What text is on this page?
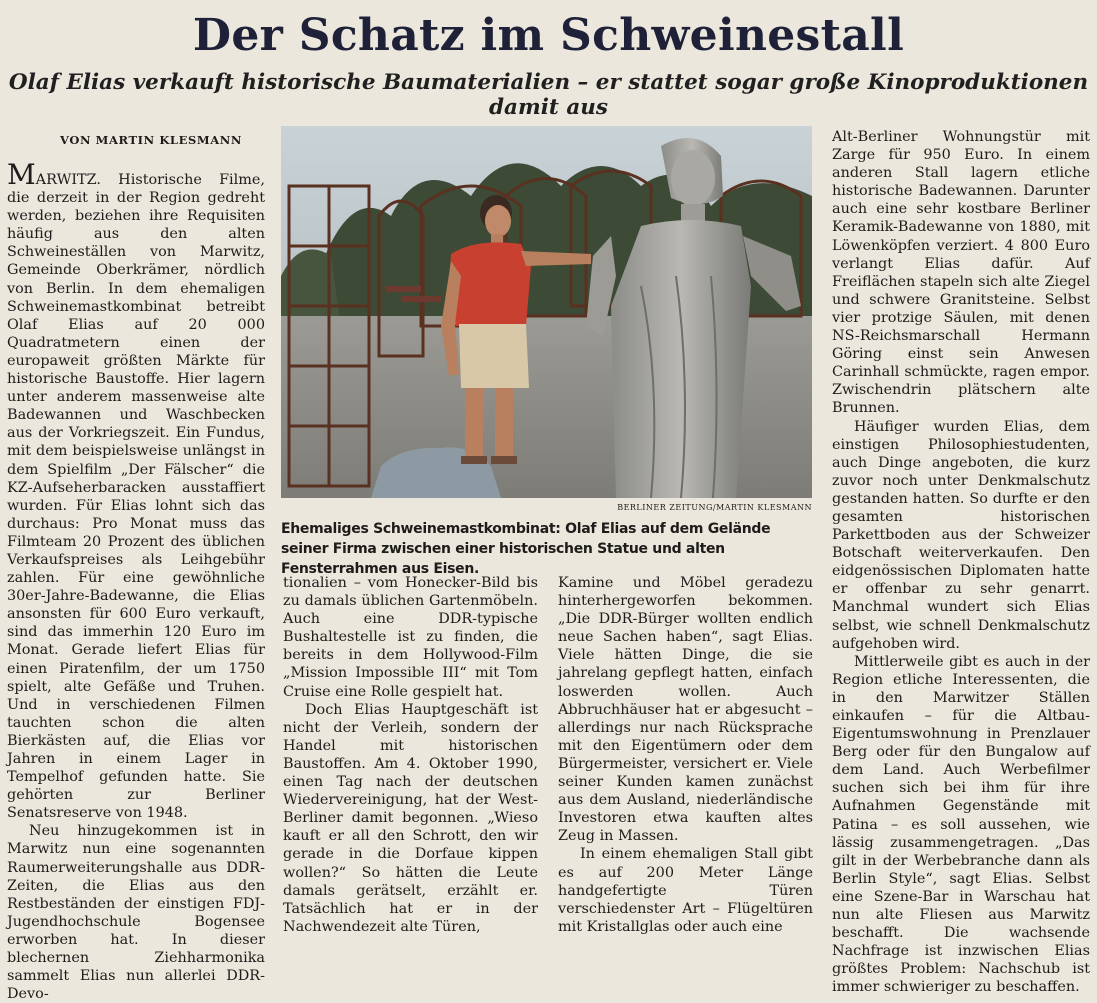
Der Schatz im Schweinestall
Olaf Elias verkauft historische Baumaterialien – er stattet sogar große Kinoproduktionen damit aus
VON MARTIN KLESMANN

MARWITZ. Historische Filme, die derzeit in der Region gedreht werden, beziehen ihre Requisiten häufig aus den alten Schweineställen von Marwitz, Gemeinde Oberkrämer, nördlich von Berlin. In dem ehemaligen Schweinemastkombinat betreibt Olaf Elias auf 20 000 Quadratmetern einen der europaweit größten Märkte für historische Baustoffe. Hier lagern unter anderem massenweise alte Badewannen und Waschbecken aus der Vorkriegszeit. Ein Fundus, mit dem beispielsweise unlängst in dem Spielfilm „Der Fälscher“ die KZ-Aufseherbaracken ausstaffiert wurden. Für Elias lohnt sich das durchaus: Pro Monat muss das Filmteam 20 Prozent des üblichen Verkaufspreises als Leihgebühr zahlen. Für eine gewöhnliche 30er-Jahre-Badewanne, die Elias ansonsten für 600 Euro verkauft, sind das immerhin 120 Euro im Monat. Gerade liefert Elias für einen Piratenfilm, der um 1750 spielt, alte Gefäße und Truhen. Und in verschiedenen Filmen tauchten schon die alten Bierkästen auf, die Elias vor Jahren in einem Lager in Tempelhof gefunden hatte. Sie gehörten zur Berliner Senatsreserve von 1948.

Neu hinzugekommen ist in Marwitz nun eine sogenannten Raumerweiterungshalle aus DDR-Zeiten, die Elias aus den Restbeständen der einstigen FDJ-Jugendhochschule Bogensee erworben hat. In dieser blechernen Ziehharmonika sammelt Elias nun allerlei DDR-Devo-

BERLINER ZEITUNG/MARTIN KLESMANN
Ehemaliges Schweinemastkombinat: Olaf Elias auf dem Gelände seiner Firma zwischen einer historischen Statue und alten Fensterrahmen aus Eisen.

tionalien – vom Honecker-Bild bis zu damals üblichen Gartenmöbeln. Auch eine DDR-typische Bushaltestelle ist zu finden, die bereits in dem Hollywood-Film „Mission Impossible III“ mit Tom Cruise eine Rolle gespielt hat.

Doch Elias Hauptgeschäft ist nicht der Verleih, sondern der Handel mit historischen Baustoffen. Am 4. Oktober 1990, einen Tag nach der deutschen Wiedervereinigung, hat der West-Berliner damit begonnen. „Wieso kauft er all den Schrott, den wir gerade in die Dorfaue kippen wollen?“ So hätten die Leute damals gerätselt, erzählt er. Tatsächlich hat er in der Nachwendezeit alte Türen,

Kamine und Möbel geradezu hinterhergeworfen bekommen. „Die DDR-Bürger wollten endlich neue Sachen haben“, sagt Elias. Viele hätten Dinge, die sie jahrelang gepflegt hatten, einfach loswerden wollen. Auch Abbruchhäuser hat er abgesucht – allerdings nur nach Rücksprache mit den Eigentümern oder dem Bürgermeister, versichert er. Viele seiner Kunden kamen zunächst aus dem Ausland, niederländische Investoren etwa kauften altes Zeug in Massen.

In einem ehemaligen Stall gibt es auf 200 Meter Länge handgefertigte Türen verschiedenster Art – Flügeltüren mit Kristallglas oder auch eine

Alt-Berliner Wohnungstür mit Zarge für 950 Euro. In einem anderen Stall lagern etliche historische Badewannen. Darunter auch eine sehr kostbare Berliner Keramik-Badewanne von 1880, mit Löwenköpfen verziert. 4 800 Euro verlangt Elias dafür. Auf Freiflächen stapeln sich alte Ziegel und schwere Granitsteine. Selbst vier protzige Säulen, mit denen NS-Reichsmarschall Hermann Göring einst sein Anwesen Carinhall schmückte, ragen empor. Zwischendrin plätschern alte Brunnen.

Häufiger wurden Elias, dem einstigen Philosophiestudenten, auch Dinge angeboten, die kurz zuvor noch unter Denkmalschutz gestanden hatten. So durfte er den gesamten historischen Parkettboden aus der Schweizer Botschaft weiterverkaufen. Den eidgenössischen Diplomaten hatte er offenbar zu sehr genarrt. Manchmal wundert sich Elias selbst, wie schnell Denkmalschutz aufgehoben wird.

Mittlerweile gibt es auch in der Region etliche Interessenten, die in den Marwitzer Ställen einkaufen – für die Altbau-Eigentumswohnung in Prenzlauer Berg oder für den Bungalow auf dem Land. Auch Werbefilmer suchen sich bei ihm für ihre Aufnahmen Gegenstände mit Patina – es soll aussehen, wie lässig zusammengetragen. „Das gilt in der Werbebranche dann als Berlin Style“, sagt Elias. Selbst eine Szene-Bar in Warschau hat nun alte Fliesen aus Marwitz beschafft. Die wachsende Nachfrage ist inzwischen Elias größtes Problem: Nachschub ist immer schwieriger zu beschaffen.
